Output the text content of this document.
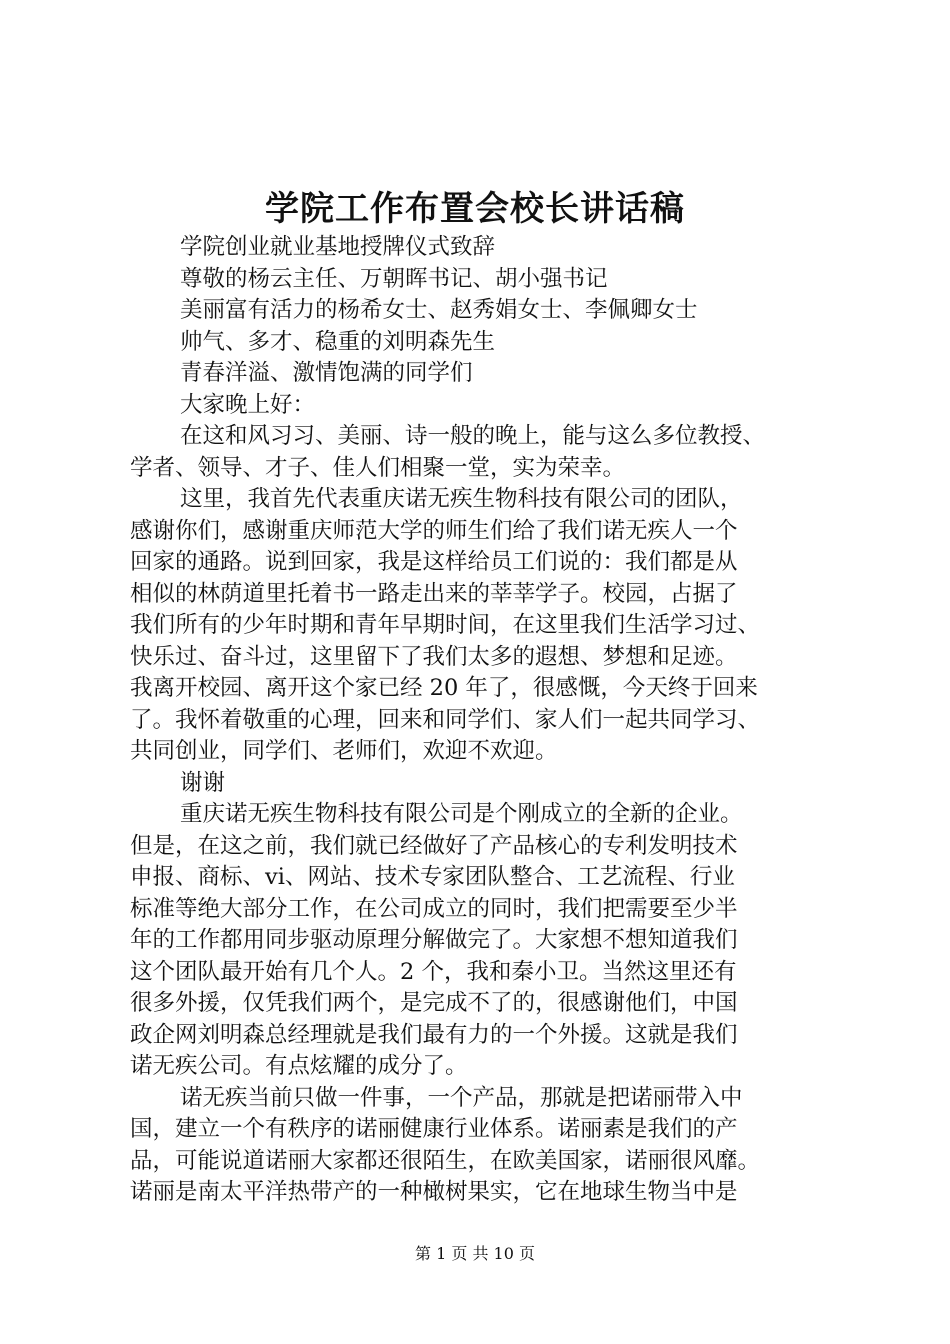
学院工作布置会校长讲话稿
学院创业就业基地授牌仪式致辞
尊敬的杨云主任、万朝晖书记、胡小强书记
美丽富有活力的杨希女士、赵秀娟女士、李佩卿女士
帅气、多才、稳重的刘明森先生
青春洋溢、激情饱满的同学们
大家晚上好：
在这和风习习、美丽、诗一般的晚上，能与这么多位教授、
学者、领导、才子、佳人们相聚一堂，实为荣幸。
这里，我首先代表重庆诺无疾生物科技有限公司的团队，
感谢你们，感谢重庆师范大学的师生们给了我们诺无疾人一个
回家的通路。说到回家，我是这样给员工们说的：我们都是从
相似的林荫道里托着书一路走出来的莘莘学子。校园，占据了
我们所有的少年时期和青年早期时间，在这里我们生活学习过、
快乐过、奋斗过，这里留下了我们太多的遐想、梦想和足迹。
我离开校园、离开这个家已经 20 年了，很感慨，今天终于回来
了。我怀着敬重的心理，回来和同学们、家人们一起共同学习、
共同创业，同学们、老师们，欢迎不欢迎。
谢谢
重庆诺无疾生物科技有限公司是个刚成立的全新的企业。
但是，在这之前，我们就已经做好了产品核心的专利发明技术
申报、商标、vi、网站、技术专家团队整合、工艺流程、行业
标准等绝大部分工作，在公司成立的同时，我们把需要至少半
年的工作都用同步驱动原理分解做完了。大家想不想知道我们
这个团队最开始有几个人。2 个，我和秦小卫。当然这里还有
很多外援，仅凭我们两个，是完成不了的，很感谢他们，中国
政企网刘明森总经理就是我们最有力的一个外援。这就是我们
诺无疾公司。有点炫耀的成分了。
诺无疾当前只做一件事，一个产品，那就是把诺丽带入中
国，建立一个有秩序的诺丽健康行业体系。诺丽素是我们的产
品，可能说道诺丽大家都还很陌生，在欧美国家，诺丽很风靡。
诺丽是南太平洋热带产的一种橄树果实，它在地球生物当中是
第 1 页 共 10 页
